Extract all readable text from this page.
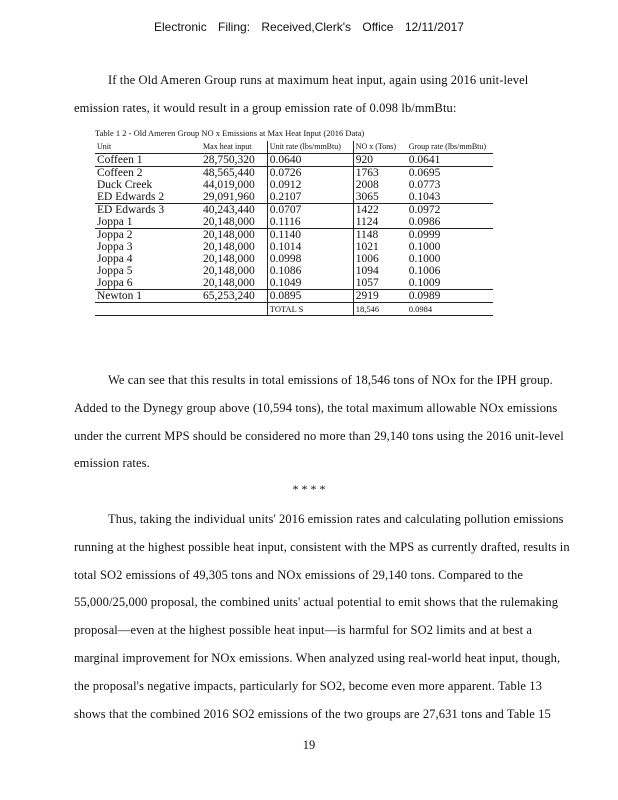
Electronic Filing: Received,Clerk's Office 12/11/2017
If the Old Ameren Group runs at maximum heat input, again using 2016 unit-level
emission rates, it would result in a group emission rate of 0.098 lb/mmBtu:
Table 1 2 - Old Ameren Group NO x Emissions at Max Heat Input (2016 Data)
Unit	Max heat input	Unit rate (lbs/mmBtu)	NO x (Tons)	Group rate (lbs/mmBtu)
Coffeen 1	28,750,320	0.0640	920	0.0641
Coffeen 2	48,565,440	0.0726	1763	0.0695
Duck Creek	44,019,000	0.0912	2008	0.0773
ED Edwards 2	29,091,960	0.2107	3065	0.1043
ED Edwards 3	40,243,440	0.0707	1422	0.0972
Joppa 1	20,148,000	0.1116	1124	0.0986
Joppa 2	20,148,000	0.1140	1148	0.0999
Joppa 3	20,148,000	0.1014	1021	0.1000
Joppa 4	20,148,000	0.0998	1006	0.1000
Joppa 5	20,148,000	0.1086	1094	0.1006
Joppa 6	20,148,000	0.1049	1057	0.1009
Newton 1	65,253,240	0.0895	2919	0.0989
		TOTAL S	18,546	0.0984
We can see that this results in total emissions of 18,546 tons of NOx for the IPH group.
Added to the Dynegy group above (10,594 tons), the total maximum allowable NOx emissions
under the current MPS should be considered no more than 29,140 tons using the 2016 unit-level
emission rates.
* * * *
Thus, taking the individual units' 2016 emission rates and calculating pollution emissions
running at the highest possible heat input, consistent with the MPS as currently drafted, results in
total SO2 emissions of 49,305 tons and NOx emissions of 29,140 tons. Compared to the
55,000/25,000 proposal, the combined units' actual potential to emit shows that the rulemaking
proposal—even at the highest possible heat input—is harmful for SO2 limits and at best a
marginal improvement for NOx emissions. When analyzed using real-world heat input, though,
the proposal's negative impacts, particularly for SO2, become even more apparent. Table 13
shows that the combined 2016 SO2 emissions of the two groups are 27,631 tons and Table 15
19
